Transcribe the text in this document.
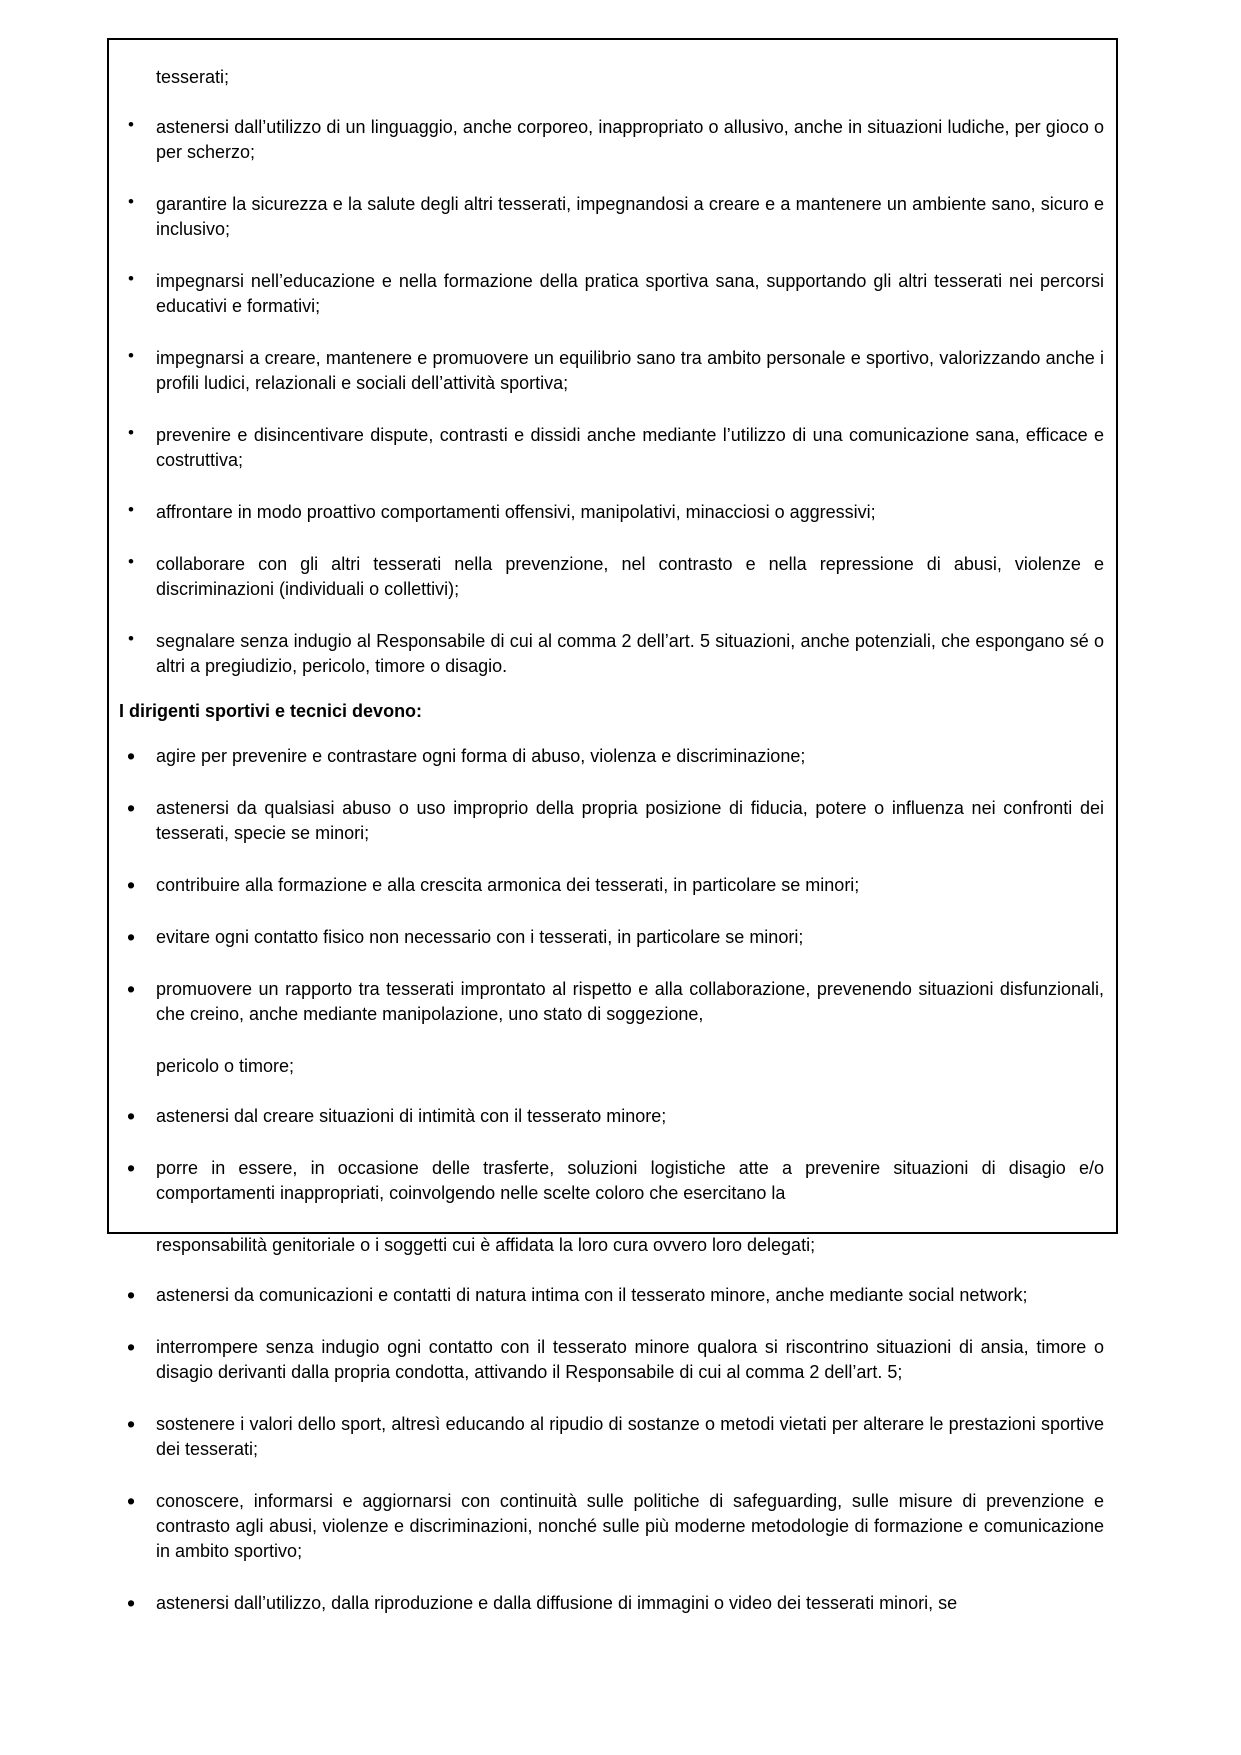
tesserati;

•	astenersi dall’utilizzo di un linguaggio, anche corporeo, inappropriato o allusivo, anche in situazioni ludiche, per gioco o per scherzo;

•	garantire la sicurezza e la salute degli altri tesserati, impegnandosi a creare e a mantenere un ambiente sano, sicuro e inclusivo;

•	impegnarsi nell’educazione e nella formazione della pratica sportiva sana, supportando gli altri tesserati nei percorsi educativi e formativi;

•	impegnarsi a creare, mantenere e promuovere un equilibrio sano tra ambito personale e sportivo, valorizzando anche i profili ludici, relazionali e sociali dell’attività sportiva;

•	prevenire e disincentivare dispute, contrasti e dissidi anche mediante l’utilizzo di una comunicazione sana, efficace e costruttiva;

•	affrontare in modo proattivo comportamenti offensivi, manipolativi, minacciosi o aggressivi;

•	collaborare con gli altri tesserati nella prevenzione, nel contrasto e nella repressione di abusi, violenze e discriminazioni (individuali o collettivi);

•	segnalare senza indugio al Responsabile di cui al comma 2 dell’art. 5 situazioni, anche potenziali, che espongano sé o altri a pregiudizio, pericolo, timore o disagio.

I dirigenti sportivi e tecnici devono:

•	agire per prevenire e contrastare ogni forma di abuso, violenza e discriminazione;

•	astenersi da qualsiasi abuso o uso improprio della propria posizione di fiducia, potere o influenza nei confronti dei tesserati, specie se minori;

•	contribuire alla formazione e alla crescita armonica dei tesserati, in particolare se minori;

•	evitare ogni contatto fisico non necessario con i tesserati, in particolare se minori;

•	promuovere un rapporto tra tesserati improntato al rispetto e alla collaborazione, prevenendo situazioni disfunzionali, che creino, anche mediante manipolazione, uno stato di soggezione,

pericolo o timore;

•	astenersi dal creare situazioni di intimità con il tesserato minore;

•	porre in essere, in occasione delle trasferte, soluzioni logistiche atte a prevenire situazioni di disagio e/o comportamenti inappropriati, coinvolgendo nelle scelte coloro che esercitano la

responsabilità genitoriale o i soggetti cui è affidata la loro cura ovvero loro delegati;

•	astenersi da comunicazioni e contatti di natura intima con il tesserato minore, anche mediante social network;

•	interrompere senza indugio ogni contatto con il tesserato minore qualora si riscontrino situazioni di ansia, timore o disagio derivanti dalla propria condotta, attivando il Responsabile di cui al comma 2 dell’art. 5;

•	sostenere i valori dello sport, altresì educando al ripudio di sostanze o metodi vietati per alterare le prestazioni sportive dei tesserati;

•	conoscere, informarsi e aggiornarsi con continuità sulle politiche di safeguarding, sulle misure di prevenzione e contrasto agli abusi, violenze e discriminazioni, nonché sulle più moderne metodologie di formazione e comunicazione in ambito sportivo;

•	astenersi dall’utilizzo, dalla riproduzione e dalla diffusione di immagini o video dei tesserati minori, se
